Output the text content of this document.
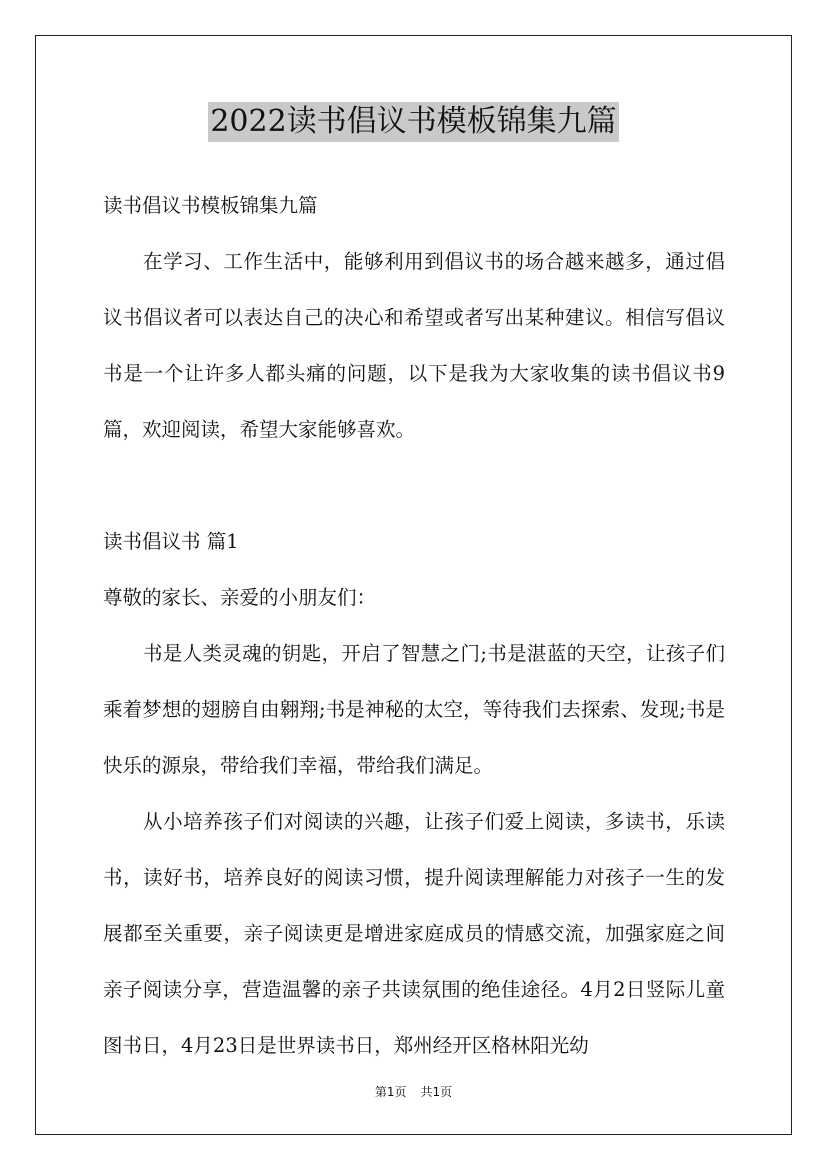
2022读书倡议书模板锦集九篇

读书倡议书模板锦集九篇

在学习、工作生活中，能够利用到倡议书的场合越来越多，通过倡议书倡议者可以表达自己的决心和希望或者写出某种建议。相信写倡议书是一个让许多人都头痛的问题，以下是我为大家收集的读书倡议书9篇，欢迎阅读，希望大家能够喜欢。

读书倡议书 篇1

尊敬的家长、亲爱的小朋友们：

书是人类灵魂的钥匙，开启了智慧之门;书是湛蓝的天空，让孩子们乘着梦想的翅膀自由翱翔;书是神秘的太空，等待我们去探索、发现;书是快乐的源泉，带给我们幸福，带给我们满足。

从小培养孩子们对阅读的兴趣，让孩子们爱上阅读，多读书，乐读书，读好书，培养良好的阅读习惯，提升阅读理解能力对孩子一生的发展都至关重要，亲子阅读更是增进家庭成员的情感交流，加强家庭之间亲子阅读分享，营造温馨的亲子共读氛围的绝佳途径。4月2日竖际儿童图书日，4月23日是世界读书日，郑州经开区格林阳光幼

第1页 共1页
